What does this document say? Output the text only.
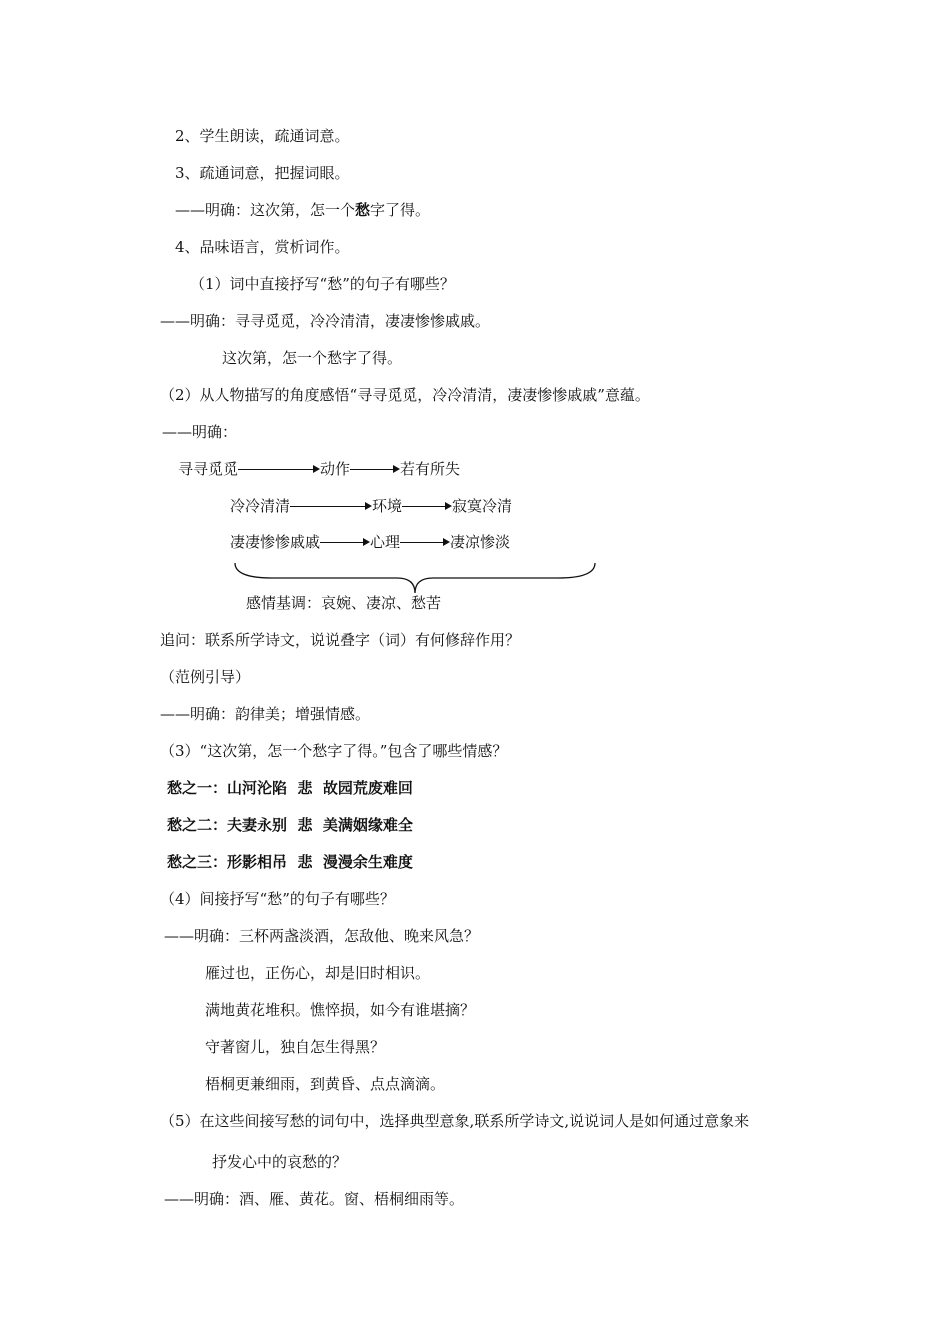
2、学生朗读，疏通词意。
3、疏通词意，把握词眼。
——明确：这次第，怎一个愁字了得。
4、品味语言，赏析词作。
（1）词中直接抒写“愁”的句子有哪些？
——明确：寻寻觅觅，冷冷清清，凄凄惨惨戚戚。
这次第，怎一个愁字了得。
（2）从人物描写的角度感悟“寻寻觅觅，冷冷清清，凄凄惨惨戚戚”意蕴。
——明确：
寻寻觅觅	动作	若有所失
冷冷清清	环境	寂寞冷清
凄凄惨惨戚戚	心理	凄凉惨淡
感情基调：哀婉、凄凉、愁苦
追问：联系所学诗文，说说叠字（词）有何修辞作用？
（范例引导）
——明确：韵律美；增强情感。
（3）“这次第，怎一个愁字了得。”包含了哪些情感？
愁之一：山河沦陷  悲  故园荒废难回
愁之二：夫妻永别  悲  美满姻缘难全
愁之三：形影相吊  悲  漫漫余生难度
（4）间接抒写“愁”的句子有哪些？
——明确：三杯两盏淡酒，怎敌他、晚来风急？
雁过也，正伤心，却是旧时相识。
满地黄花堆积。憔悴损，如今有谁堪摘？
守著窗儿，独自怎生得黑？
梧桐更兼细雨，到黄昏、点点滴滴。
（5）在这些间接写愁的词句中，选择典型意象,联系所学诗文,说说词人是如何通过意象来
抒发心中的哀愁的？
——明确：酒、雁、黄花。窗、梧桐细雨等。
